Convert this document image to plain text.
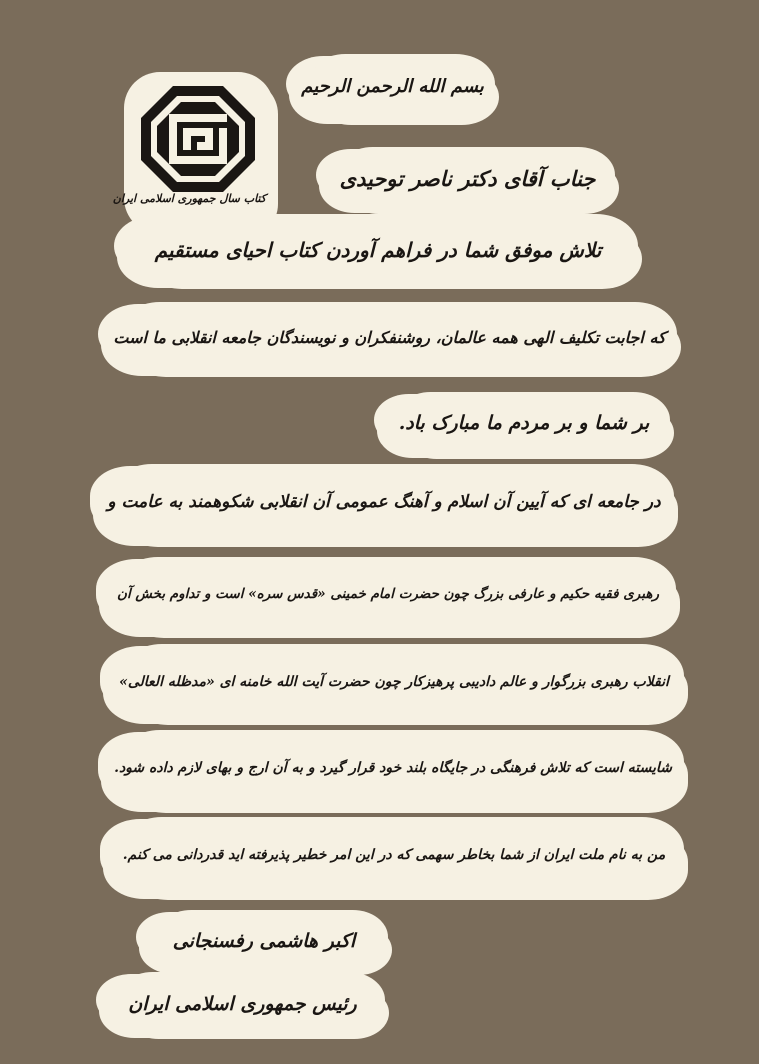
کتاب سال جمهوری اسلامی ایران
بسم الله الرحمن الرحیم
جناب آقای دکتر ناصر توحیدی
تلاش موفق شما در فراهم آوردن کتاب احیای مستقیم
که اجابت تکلیف الهی همه عالمان، روشنفکران و نویسندگان جامعه انقلابی ما است
بر شما و بر مردم ما مبارک باد.
در جامعه ای که آیین آن اسلام و آهنگ عمومی آن انقلابی شکوهمند به عامت و
رهبری فقیه حکیم و عارفی بزرگ چون حضرت امام خمینی «قدس سره» است و تداوم بخش آن
انقلاب رهبری بزرگوار و عالم دادیبی پرهیزکار چون حضرت آیت الله خامنه ای «مدظله العالی»
شایسته است که تلاش فرهنگی در جایگاه بلند خود قرار گیرد و به آن ارج و بهای لازم داده شود.
من به نام ملت ایران از شما بخاطر سهمی که در این امر خطیر پذیرفته اید قدردانی می کنم.
اکبر هاشمی رفسنجانی
رئیس جمهوری اسلامی ایران
